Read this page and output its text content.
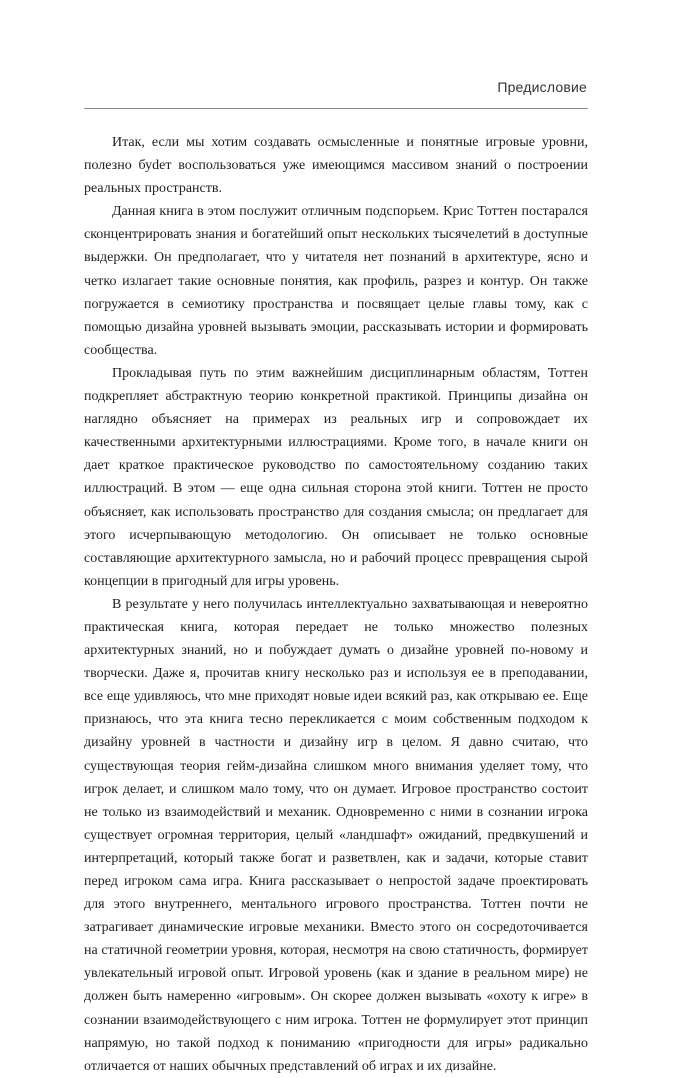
Предисловие

Итак, если мы хотим создавать осмысленные и понятные игровые уровни, полезно буdет воспользоваться уже имеющимся массивом знаний о построении реальных пространств.

Данная книга в этом послужит отличным подспорьем. Крис Тоттен постарался сконцентрировать знания и богатейший опыт нескольких тысячелетий в доступные выдержки. Он предполагает, что у читателя нет познаний в архитектуре, ясно и четко излагает такие основные понятия, как профиль, разрез и контур. Он также погружается в семиотику пространства и посвящает целые главы тому, как с помощью дизайна уровней вызывать эмоции, рассказывать истории и формировать сообщества.

Прокладывая путь по этим важнейшим дисциплинарным областям, Тоттен подкрепляет абстрактную теорию конкретной практикой. Принципы дизайна он наглядно объясняет на примерах из реальных игр и сопровождает их качественными архитектурными иллюстрациями. Кроме того, в начале книги он дает краткое практическое руководство по самостоятельному созданию таких иллюстраций. В этом — еще одна сильная сторона этой книги. Тоттен не просто объясняет, как использовать пространство для создания смысла; он предлагает для этого исчерпывающую методологию. Он описывает не только основные составляющие архитектурного замысла, но и рабочий процесс превращения сырой концепции в пригодный для игры уровень.

В результате у него получилась интеллектуально захватывающая и невероятно практическая книга, которая передает не только множество полезных архитектурных знаний, но и побуждает думать о дизайне уровней по-новому и творчески. Даже я, прочитав книгу несколько раз и используя ее в преподавании, все еще удивляюсь, что мне приходят новые идеи всякий раз, как открываю ее. Еще признаюсь, что эта книга тесно перекликается с моим собственным подходом к дизайну уровней в частности и дизайну игр в целом. Я давно считаю, что существующая теория гейм-дизайна слишком много внимания уделяет тому, что игрок делает, и слишком мало тому, что он думает. Игровое пространство состоит не только из взаимодействий и механик. Одновременно с ними в сознании игрока существует огромная территория, целый «ландшафт» ожиданий, предвкушений и интерпретаций, который также богат и разветвлен, как и задачи, которые ставит перед игроком сама игра. Книга рассказывает о непростой задаче проектировать для этого внутреннего, ментального игрового пространства. Тоттен почти не затрагивает динамические игровые механики. Вместо этого он сосредоточивается на статичной геометрии уровня, которая, несмотря на свою статичность, формирует увлекательный игровой опыт. Игровой уровень (как и здание в реальном мире) не должен быть намеренно «игровым». Он скорее должен вызывать «охоту к игре» в сознании взаимодействующего с ним игрока. Тоттен не формулирует этот принцип напрямую, но такой подход к пониманию «пригодности для игры» радикально отличается от наших обычных представлений об играх и их дизайне.
